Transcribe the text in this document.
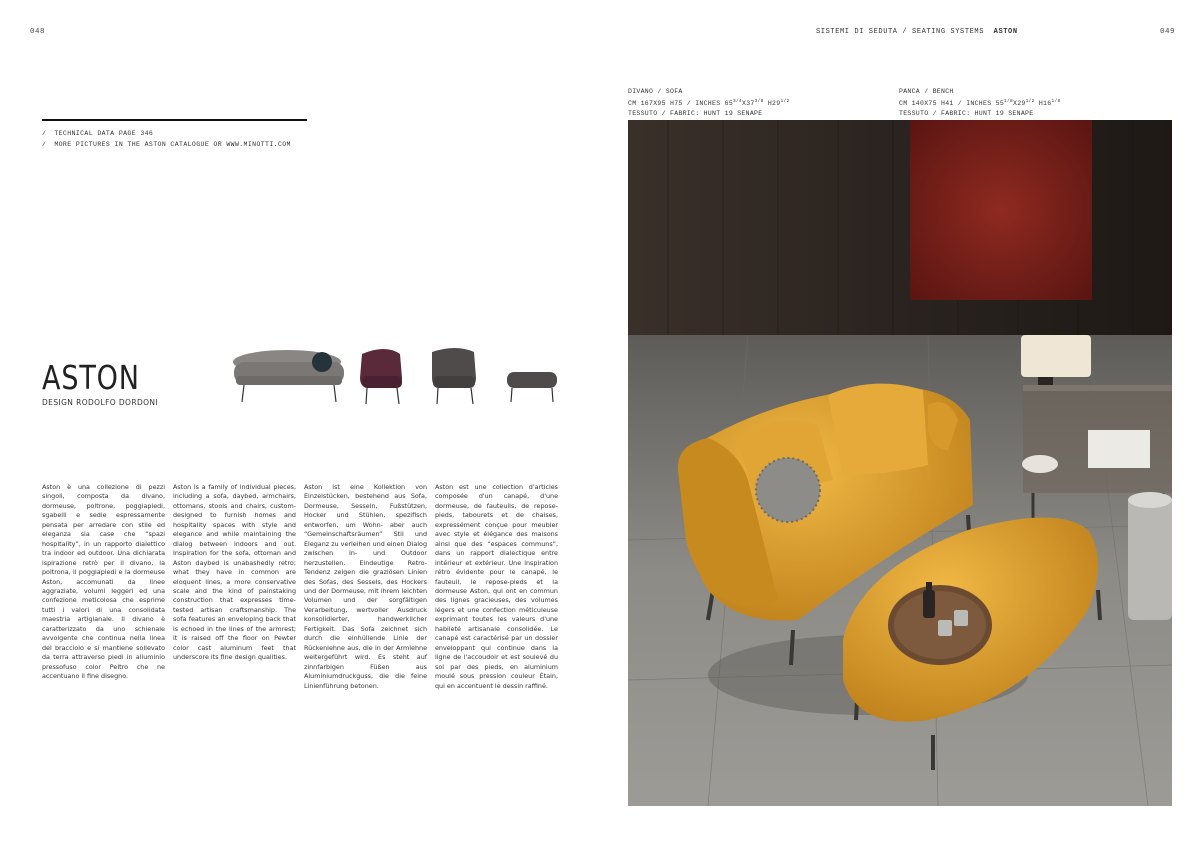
048	049
SISTEMI DI SEDUTA / SEATING SYSTEMS ASTON
/ TECHNICAL DATA PAGE 346
/ MORE PICTURES IN THE ASTON CATALOGUE OR WWW.MINOTTI.COM
ASTON
DESIGN RODOLFO DORDONI
Aston è una collezione di pezzi singoli, composta da divano, dormeuse, poltrone, poggiapiedi, sgabelli e sedie espressamente pensata per arredare con stile ed eleganza sia case che “spazi hospitality”, in un rapporto dialettico tra indoor ed outdoor. Una dichiarata ispirazione retrò per il divano, la poltrona, il poggiapiedi e la dormeuse Aston, accomunati da linee aggraziate, volumi leggeri ed una confezione meticolosa che esprime tutti i valori di una consolidata maestria artigianale. Il divano è caratterizzato da uno schienale avvolgente che continua nella linea del bracciolo e si mantiene sollevato da terra attraverso piedi in alluminio pressofuso color Peltro che ne accentuano il fine disegno.
Aston is a family of individual pieces, including a sofa, daybed, armchairs, ottomans, stools and chairs, custom-designed to furnish homes and hospitality spaces with style and elegance and while maintaining the dialog between indoors and out. Inspiration for the sofa, ottoman and Aston daybed is unabashedly retro; what they have in common are eloquent lines, a more conservative scale and the kind of painstaking construction that expresses time-tested artisan craftsmanship. The sofa features an enveloping back that is echoed in the lines of the armrest; it is raised off the floor on Pewter color cast aluminum feet that underscore its fine design qualities.
Aston ist eine Kollektion von Einzelstücken, bestehend aus Sofa, Dormeuse, Sesseln, Fußstützen, Hocker und Stühlen, spezifisch entworfen, um Wohn- aber auch “Gemeinschaftsräumen” Stil und Eleganz zu verleihen und einen Dialog zwischen In- und Outdoor herzustellen. Eindeutige Retro-Tendenz zeigen die graziösen Linien des Sofas, des Sessels, des Hockers und der Dormeuse, mit ihrem leichten Volumen und der sorgfältigen Verarbeitung, wertvoller Ausdruck konsolidierter, handwerklicher Fertigkeit. Das Sofa zeichnet sich durch die einhüllende Linie der Rückenlehne aus, die in der Armlehne weitergeführt wird. Es steht auf zinnfarbigen Füßen aus Aluminiumdruckguss, die die feine Linienführung betonen.
Aston est une collection d'articles composée d'un canapé, d'une dormeuse, de fauteuils, de repose-pieds, tabourets et de chaises, expressément conçue pour meubler avec style et élégance des maisons ainsi que des “espaces communs”, dans un rapport dialectique entre intérieur et extérieur. Une inspiration rétro évidente pour le canapé, le fauteuil, le repose-pieds et la dormeuse Aston, qui ont en commun des lignes gracieuses, des volumes légers et une confection méticuleuse exprimant toutes les valeurs d'une habileté artisanale consolidée. Le canapé est caractérisé par un dossier enveloppant qui continue dans la ligne de l'accoudoir et est soulevé du sol par des pieds, en aluminium moulé sous pression couleur Étain, qui en accentuent le dessin raffiné.
DIVANO / SOFA
CM 167X95 H75 / INCHES $65^{3/4}X37^{3/8}$ $H29^{1/2}$
TESSUTO / FABRIC: HUNT 19 SENAPE
PANCA / BENCH
CM 140X75 H41 / INCHES $55^{1/8}X29^{1/2}$ $H16^{1/8}$
TESSUTO / FABRIC: HUNT 19 SENAPE
